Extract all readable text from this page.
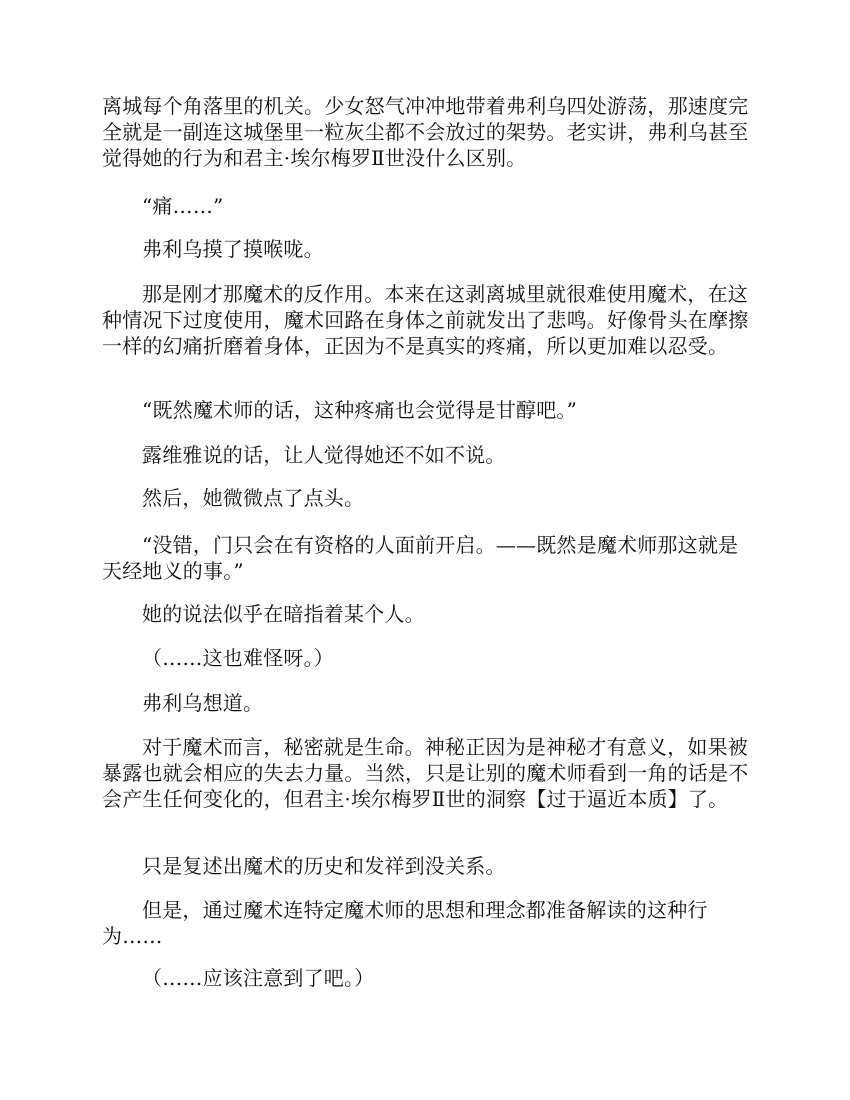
离城每个角落里的机关。少女怒气冲冲地带着弗利乌四处游荡，那速度完全就是一副连这城堡里一粒灰尘都不会放过的架势。老实讲，弗利乌甚至觉得她的行为和君主·埃尔梅罗Ⅱ世没什么区别。

“痛……”

弗利乌摸了摸喉咙。

那是刚才那魔术的反作用。本来在这剥离城里就很难使用魔术，在这种情况下过度使用，魔术回路在身体之前就发出了悲鸣。好像骨头在摩擦一样的幻痛折磨着身体，正因为不是真实的疼痛，所以更加难以忍受。

“既然魔术师的话，这种疼痛也会觉得是甘醇吧。”

露维雅说的话，让人觉得她还不如不说。

然后，她微微点了点头。

“没错，门只会在有资格的人面前开启。——既然是魔术师那这就是天经地义的事。”

她的说法似乎在暗指着某个人。

（……这也难怪呀。）

弗利乌想道。

对于魔术而言，秘密就是生命。神秘正因为是神秘才有意义，如果被暴露也就会相应的失去力量。当然，只是让别的魔术师看到一角的话是不会产生任何变化的，但君主·埃尔梅罗Ⅱ世的洞察【过于逼近本质】了。

只是复述出魔术的历史和发祥到没关系。

但是，通过魔术连特定魔术师的思想和理念都准备解读的这种行为……

（……应该注意到了吧。）
